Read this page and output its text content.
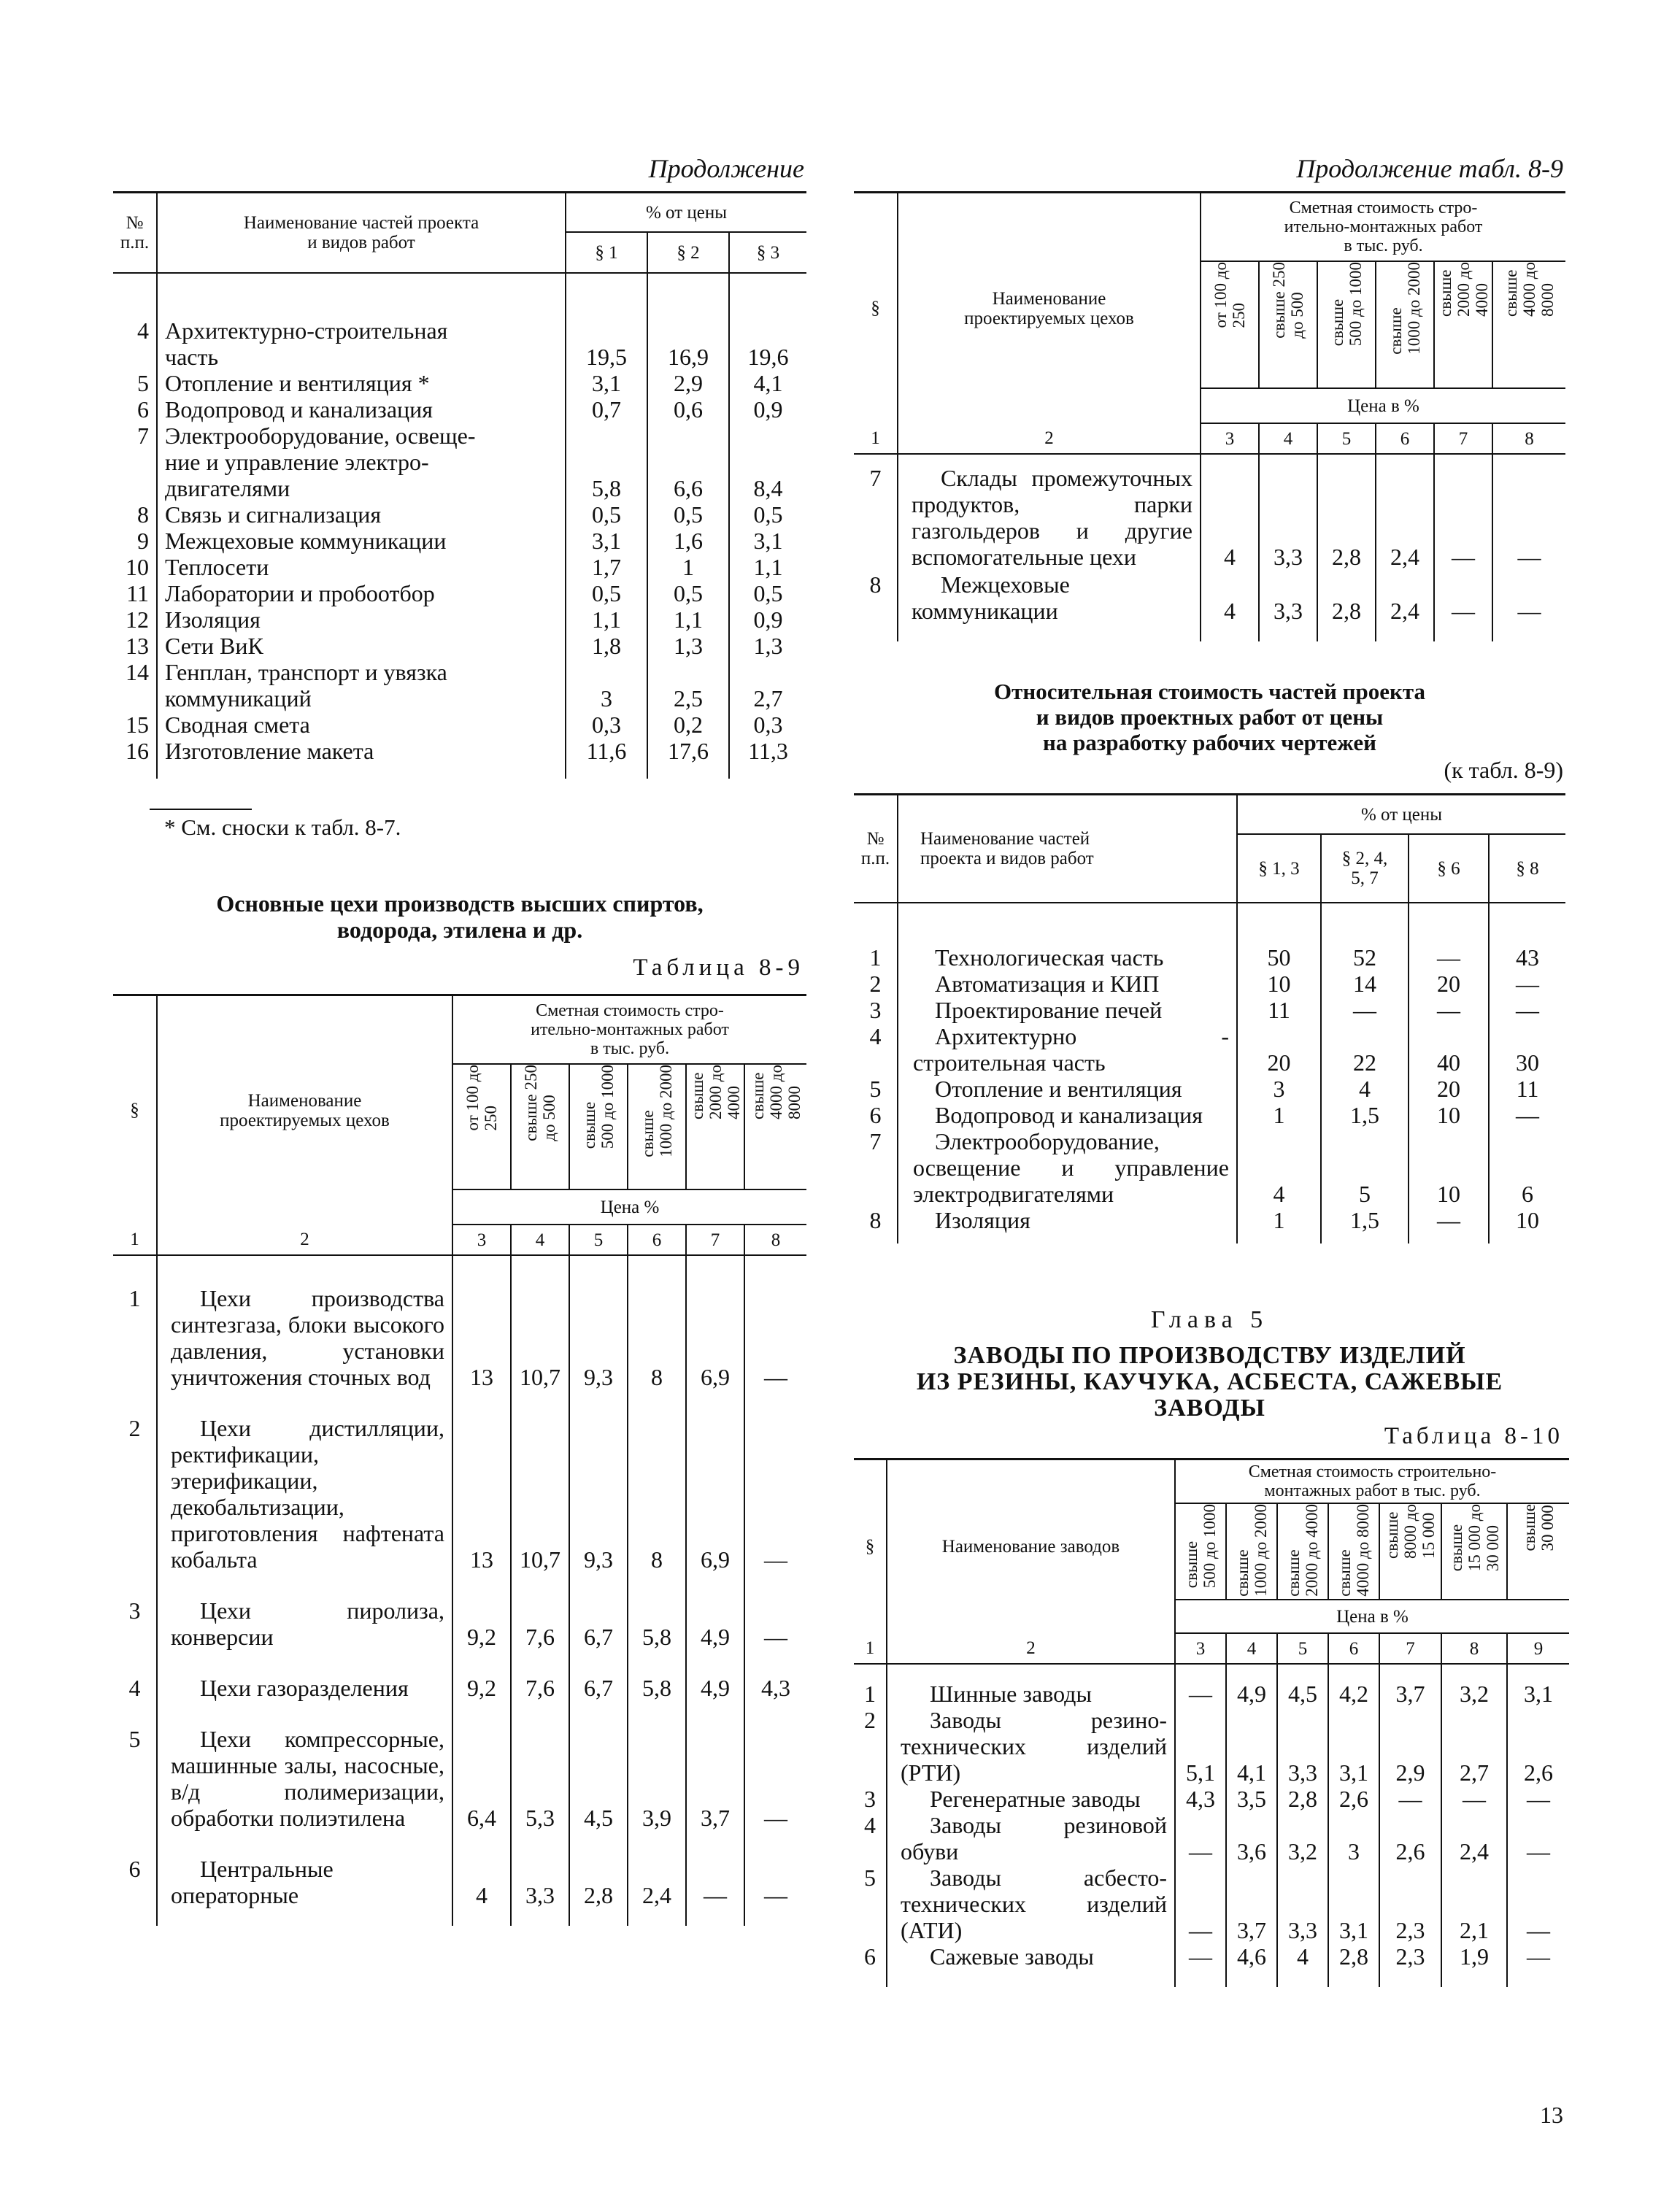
Продолжение
№
п.п.	Наименование частей проекта
и видов работ	% от цены		
		§ 1	§ 2	§ 3

4	Архитектурно-строительная
часть	19,5	16,9	19,6
5	Отопление и вентиляция *	3,1	2,9	4,1
6	Водопровод и канализация	0,7	0,6	0,9
7	Электрооборудование, освеще-
ние и управление электро-
двигателями	5,8	6,6	8,4
8	Связь и сигнализация	0,5	0,5	0,5
9	Межцеховые коммуникации	3,1	1,6	3,1
10	Теплосети	1,7	1	1,1
11	Лаборатории и пробоотбор	0,5	0,5	0,5
12	Изоляция	1,1	1,1	0,9
13	Сети ВиК	1,8	1,3	1,3
14	Генплан, транспорт и увязка
коммуникаций	3	2,5	2,7
15	Сводная смета	0,3	0,2	0,3
16	Изготовление макета	11,6	17,6	11,3

* См. сноски к табл. 8-7.
Основные цехи производств высших спиртов,
водорода, этилена и др.
Таблица 8-9
§	Наименование
проектируемых цехов	Сметная стоимость стро-
ительно-монтажных работ
в тыс. руб.					

		от 100 до
250	свыше 250
до 500	свыше
500 до 1000	свыше
1000 до 2000	свыше
2000 до
4000	свыше
4000 до
8000

		Цена %					
1	2	3	4	5	6	7	8

1	Цехи производства синтезгаза, блоки высокого давления, установки уничтожения сточных вод	13	10,7	9,3	8	6,9	—

2	Цехи дистилляции, ректификации, этерификации, декобальтизации, приготовления нафтената кобальта	13	10,7	9,3	8	6,9	—

3	Цехи пиролиза, конверсии	9,2	7,6	6,7	5,8	4,9	—

4	Цехи газоразделения	9,2	7,6	6,7	5,8	4,9	4,3

5	Цехи компрессорные, машинные залы, насосные, в/д полимеризации, обработки полиэтилена	6,4	5,3	4,5	3,9	3,7	—

6	Центральные операторные	4	3,3	2,8	2,4	—	—

Продолжение табл. 8-9
§	Наименование
проектируемых цехов	Сметная стоимость стро-
ительно-монтажных работ
в тыс. руб.					

		от 100 до
250	свыше 250
до 500	свыше
500 до 1000	свыше
1000 до 2000	свыше
2000 до
4000	свыше
4000 до
8000

		Цена в %					
1	2	3	4	5	6	7	8

7	Склады промежуточных продуктов, парки газгольдеров и другие вспомогательные цехи	4	3,3	2,8	2,4	—	—

8	Межцеховые коммуникации	4	3,3	2,8	2,4	—	—

Относительная стоимость частей проекта
и видов проектных работ от цены
на разработку рабочих чертежей
(к табл. 8-9)
№
п.п.	Наименование частей
проекта и видов работ	% от цены			
		§ 1, 3	§ 2, 4,
5, 7	§ 6	§ 8

1	Технологическая часть	50	52	—	43
2	Автоматизация и КИП	10	14	20	—
3	Проектирование печей	11	—	—	—
4	Архитектурно - строительная часть	20	22	40	30
5	Отопление и вентиляция	3	4	20	11
6	Водопровод и канализация	1	1,5	10	—
7	Электрооборудование, освещение и управление электродвигателями	4	5	10	6
8	Изоляция	1	1,5	—	10

Глава 5
ЗАВОДЫ ПО ПРОИЗВОДСТВУ ИЗДЕЛИЙ
ИЗ РЕЗИНЫ, КАУЧУКА, АСБЕСТА, САЖЕВЫЕ
ЗАВОДЫ
Таблица 8-10
§	Наименование заводов	Сметная стоимость строительно-
монтажных работ в тыс. руб.						

		свыше
500 до 1000	свыше
1000 до 2000	свыше
2000 до 4000	свыше
4000 до 8000	свыше
8000 до
15 000	свыше
15 000 до
30 000	свыше
30 000

		Цена в %						
1	2	3	4	5	6	7	8	9

1	Шинные заводы	—	4,9	4,5	4,2	3,7	3,2	3,1

2	Заводы резино-технических изделий (РТИ)	5,1	4,1	3,3	3,1	2,9	2,7	2,6

3	Регенератные заводы	4,3	3,5	2,8	2,6	—	—	—

4	Заводы резиновой обуви	—	3,6	3,2	3	2,6	2,4	—

5	Заводы асбесто-технических изделий (АТИ)	—	3,7	3,3	3,1	2,3	2,1	—

6	Сажевые заводы	—	4,6	4	2,8	2,3	1,9	—

13
